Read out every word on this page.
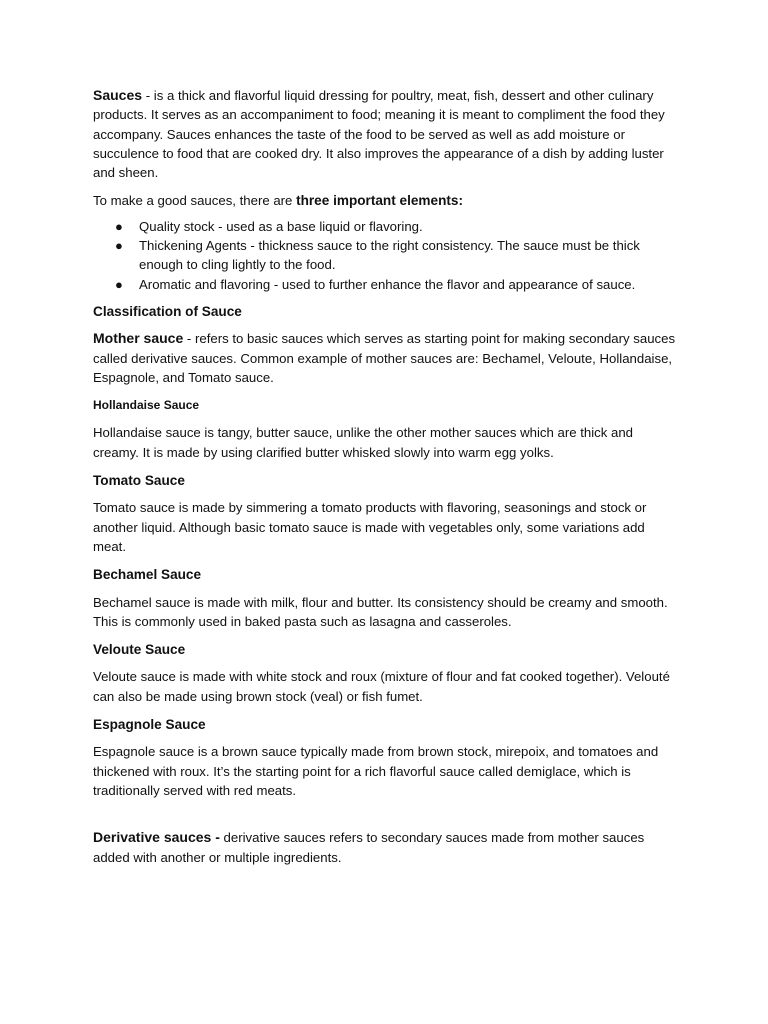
Sauces - is a thick and flavorful liquid dressing for poultry, meat, fish, dessert and other culinary products. It serves as an accompaniment to food; meaning it is meant to compliment the food they accompany. Sauces enhances the taste of the food to be served as well as add moisture or succulence to food that are cooked dry. It also improves the appearance of a dish by adding luster and sheen.

To make a good sauces, there are three important elements:

● Quality stock - used as a base liquid or flavoring.
● Thickening Agents - thickness sauce to the right consistency. The sauce must be thick enough to cling lightly to the food.
● Aromatic and flavoring - used to further enhance the flavor and appearance of sauce.

Classification of Sauce

Mother sauce - refers to basic sauces which serves as starting point for making secondary sauces called derivative sauces. Common example of mother sauces are: Bechamel, Veloute, Hollandaise, Espagnole, and Tomato sauce.

Hollandaise Sauce

Hollandaise sauce is tangy, butter sauce, unlike the other mother sauces which are thick and creamy. It is made by using clarified butter whisked slowly into warm egg yolks.

Tomato Sauce

Tomato sauce is made by simmering a tomato products with flavoring, seasonings and stock or another liquid. Although basic tomato sauce is made with vegetables only, some variations add meat.

Bechamel Sauce

Bechamel sauce is made with milk, flour and butter. Its consistency should be creamy and smooth. This is commonly used in baked pasta such as lasagna and casseroles.

Veloute Sauce

Veloute sauce is made with white stock and roux (mixture of flour and fat cooked together). Velouté can also be made using brown stock (veal) or fish fumet.

Espagnole Sauce

Espagnole sauce is a brown sauce typically made from brown stock, mirepoix, and tomatoes and thickened with roux. It’s the starting point for a rich flavorful sauce called demiglace, which is traditionally served with red meats.

Derivative sauces - derivative sauces refers to secondary sauces made from mother sauces added with another or multiple ingredients.
